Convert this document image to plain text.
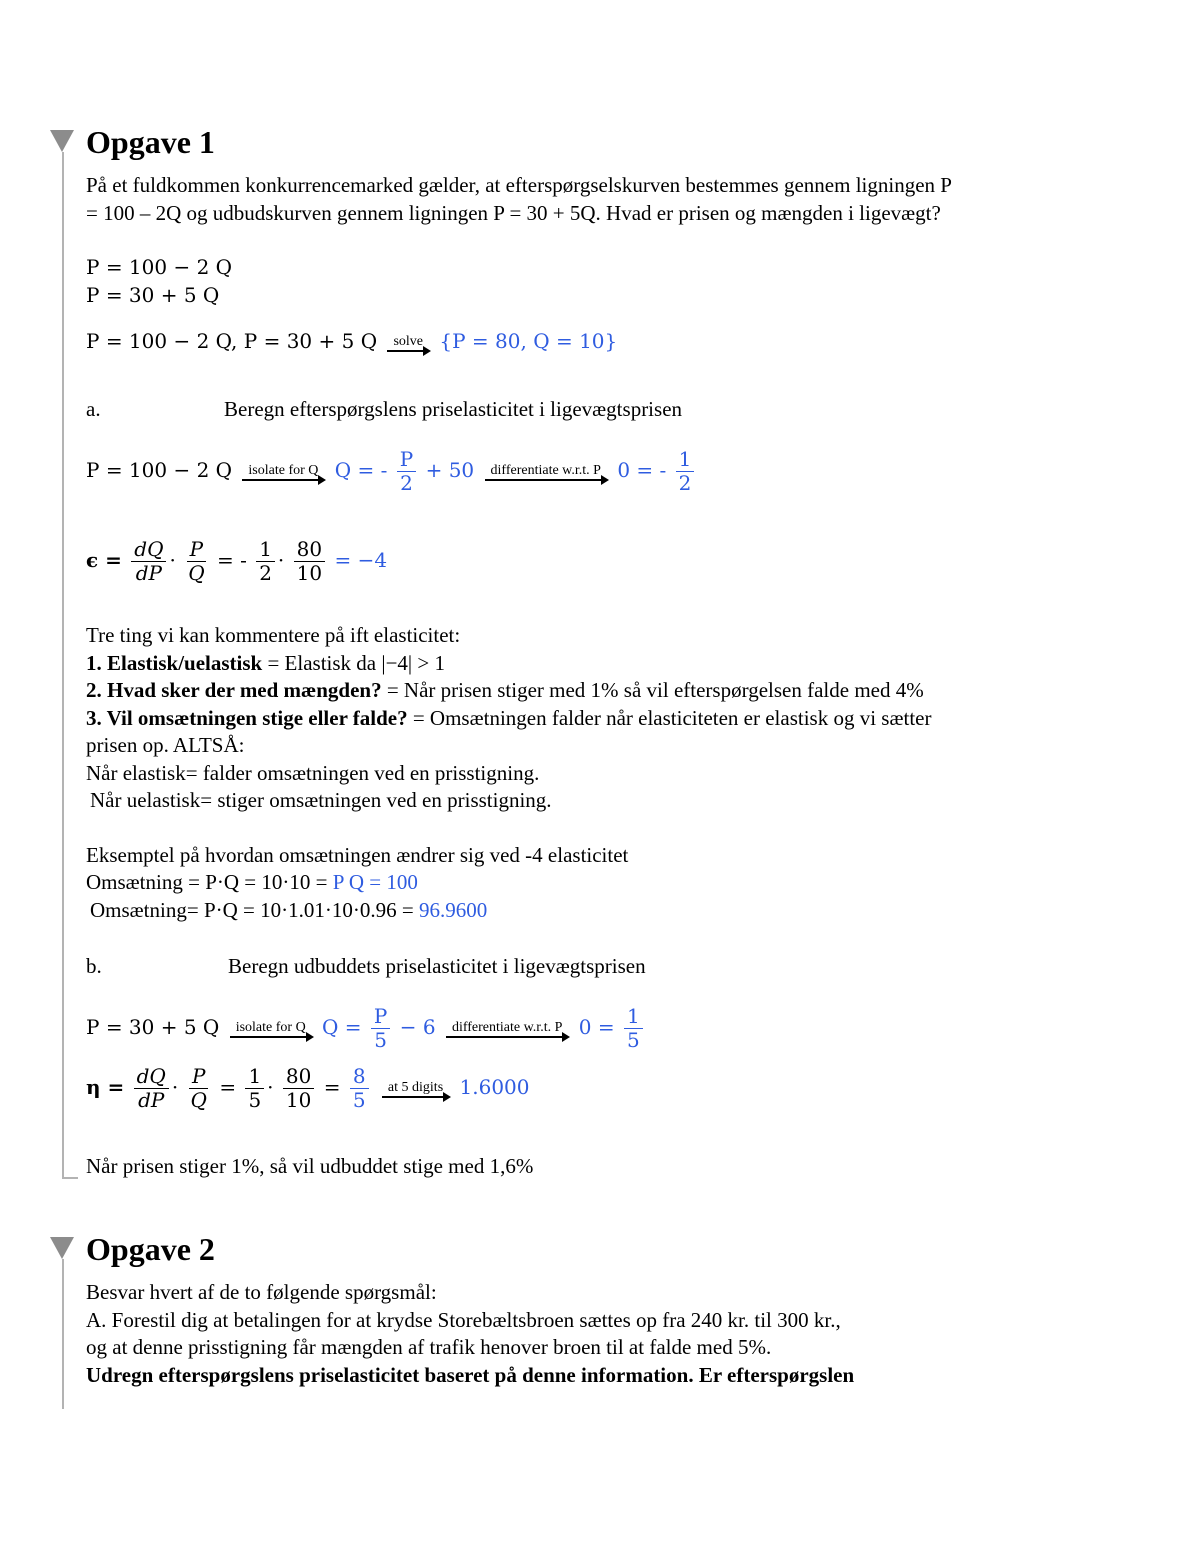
Opgave 1
På et fuldkommen konkurrencemarked gælder, at efterspørgselskurven bestemmes gennem ligningen P
= 100 – 2Q og udbudskurven gennem ligningen P = 30 + 5Q. Hvad er prisen og mængden i ligevægt?
P = 100 − 2 Q
P = 30 + 5 Q
P = 100 − 2 Q, P = 30 + 5 Q	solve {P = 80, Q = 10}
a.	Beregn efterspørgslens priselasticitet i ligevægtsprisen
P = 100 − 2 Q	isolate for Q Q = - $\frac{P}{2} + 50$	differentiate w.r.t. P 0 = - $\frac{1}{2}$
$\epsilon = \frac{dQ}{dP} \cdot \frac{P}{Q}$ = - $\frac{1}{2} \cdot \frac{80}{10} = -4$
Tre ting vi kan kommentere på ift elasticitet:
1. Elastisk/uelastisk = Elastisk da |−4| > 1
2. Hvad sker der med mængden? = Når prisen stiger med 1% så vil efterspørgelsen falde med 4%
3. Vil omsætningen stige eller falde? = Omsætningen falder når elasticiteten er elastisk og vi sætter
prisen op. ALTSÅ:
Når elastisk= falder omsætningen ved en prisstigning.
Når uelastisk= stiger omsætningen ved en prisstigning.
Eksemptel på hvordan omsætningen ændrer sig ved -4 elasticitet
Omsætning = P·Q = 10·10 = P Q = 100
Omsætning= P·Q = 10·1.01·10·0.96 = 96.9600
b.	Beregn udbuddets priselasticitet i ligevægtsprisen
P = 30 + 5 Q	isolate for Q $Q = \frac{P}{5} - 6$	differentiate w.r.t. P $0 = \frac{1}{5}$
$\eta = \frac{dQ}{dP} \cdot \frac{P}{Q} = \frac{1}{5} \cdot \frac{80}{10} = \frac{8}{5}$
	at 5 digits 1.6000
Når prisen stiger 1%, så vil udbuddet stige med 1,6%
Opgave 2
Besvar hvert af de to følgende spørgsmål:
A. Forestil dig at betalingen for at krydse Storebæltsbroen sættes op fra 240 kr. til 300 kr.,
og at denne prisstigning får mængden af trafik henover broen til at falde med 5%.
Udregn efterspørgslens priselasticitet baseret på denne information. Er efterspørgslen
